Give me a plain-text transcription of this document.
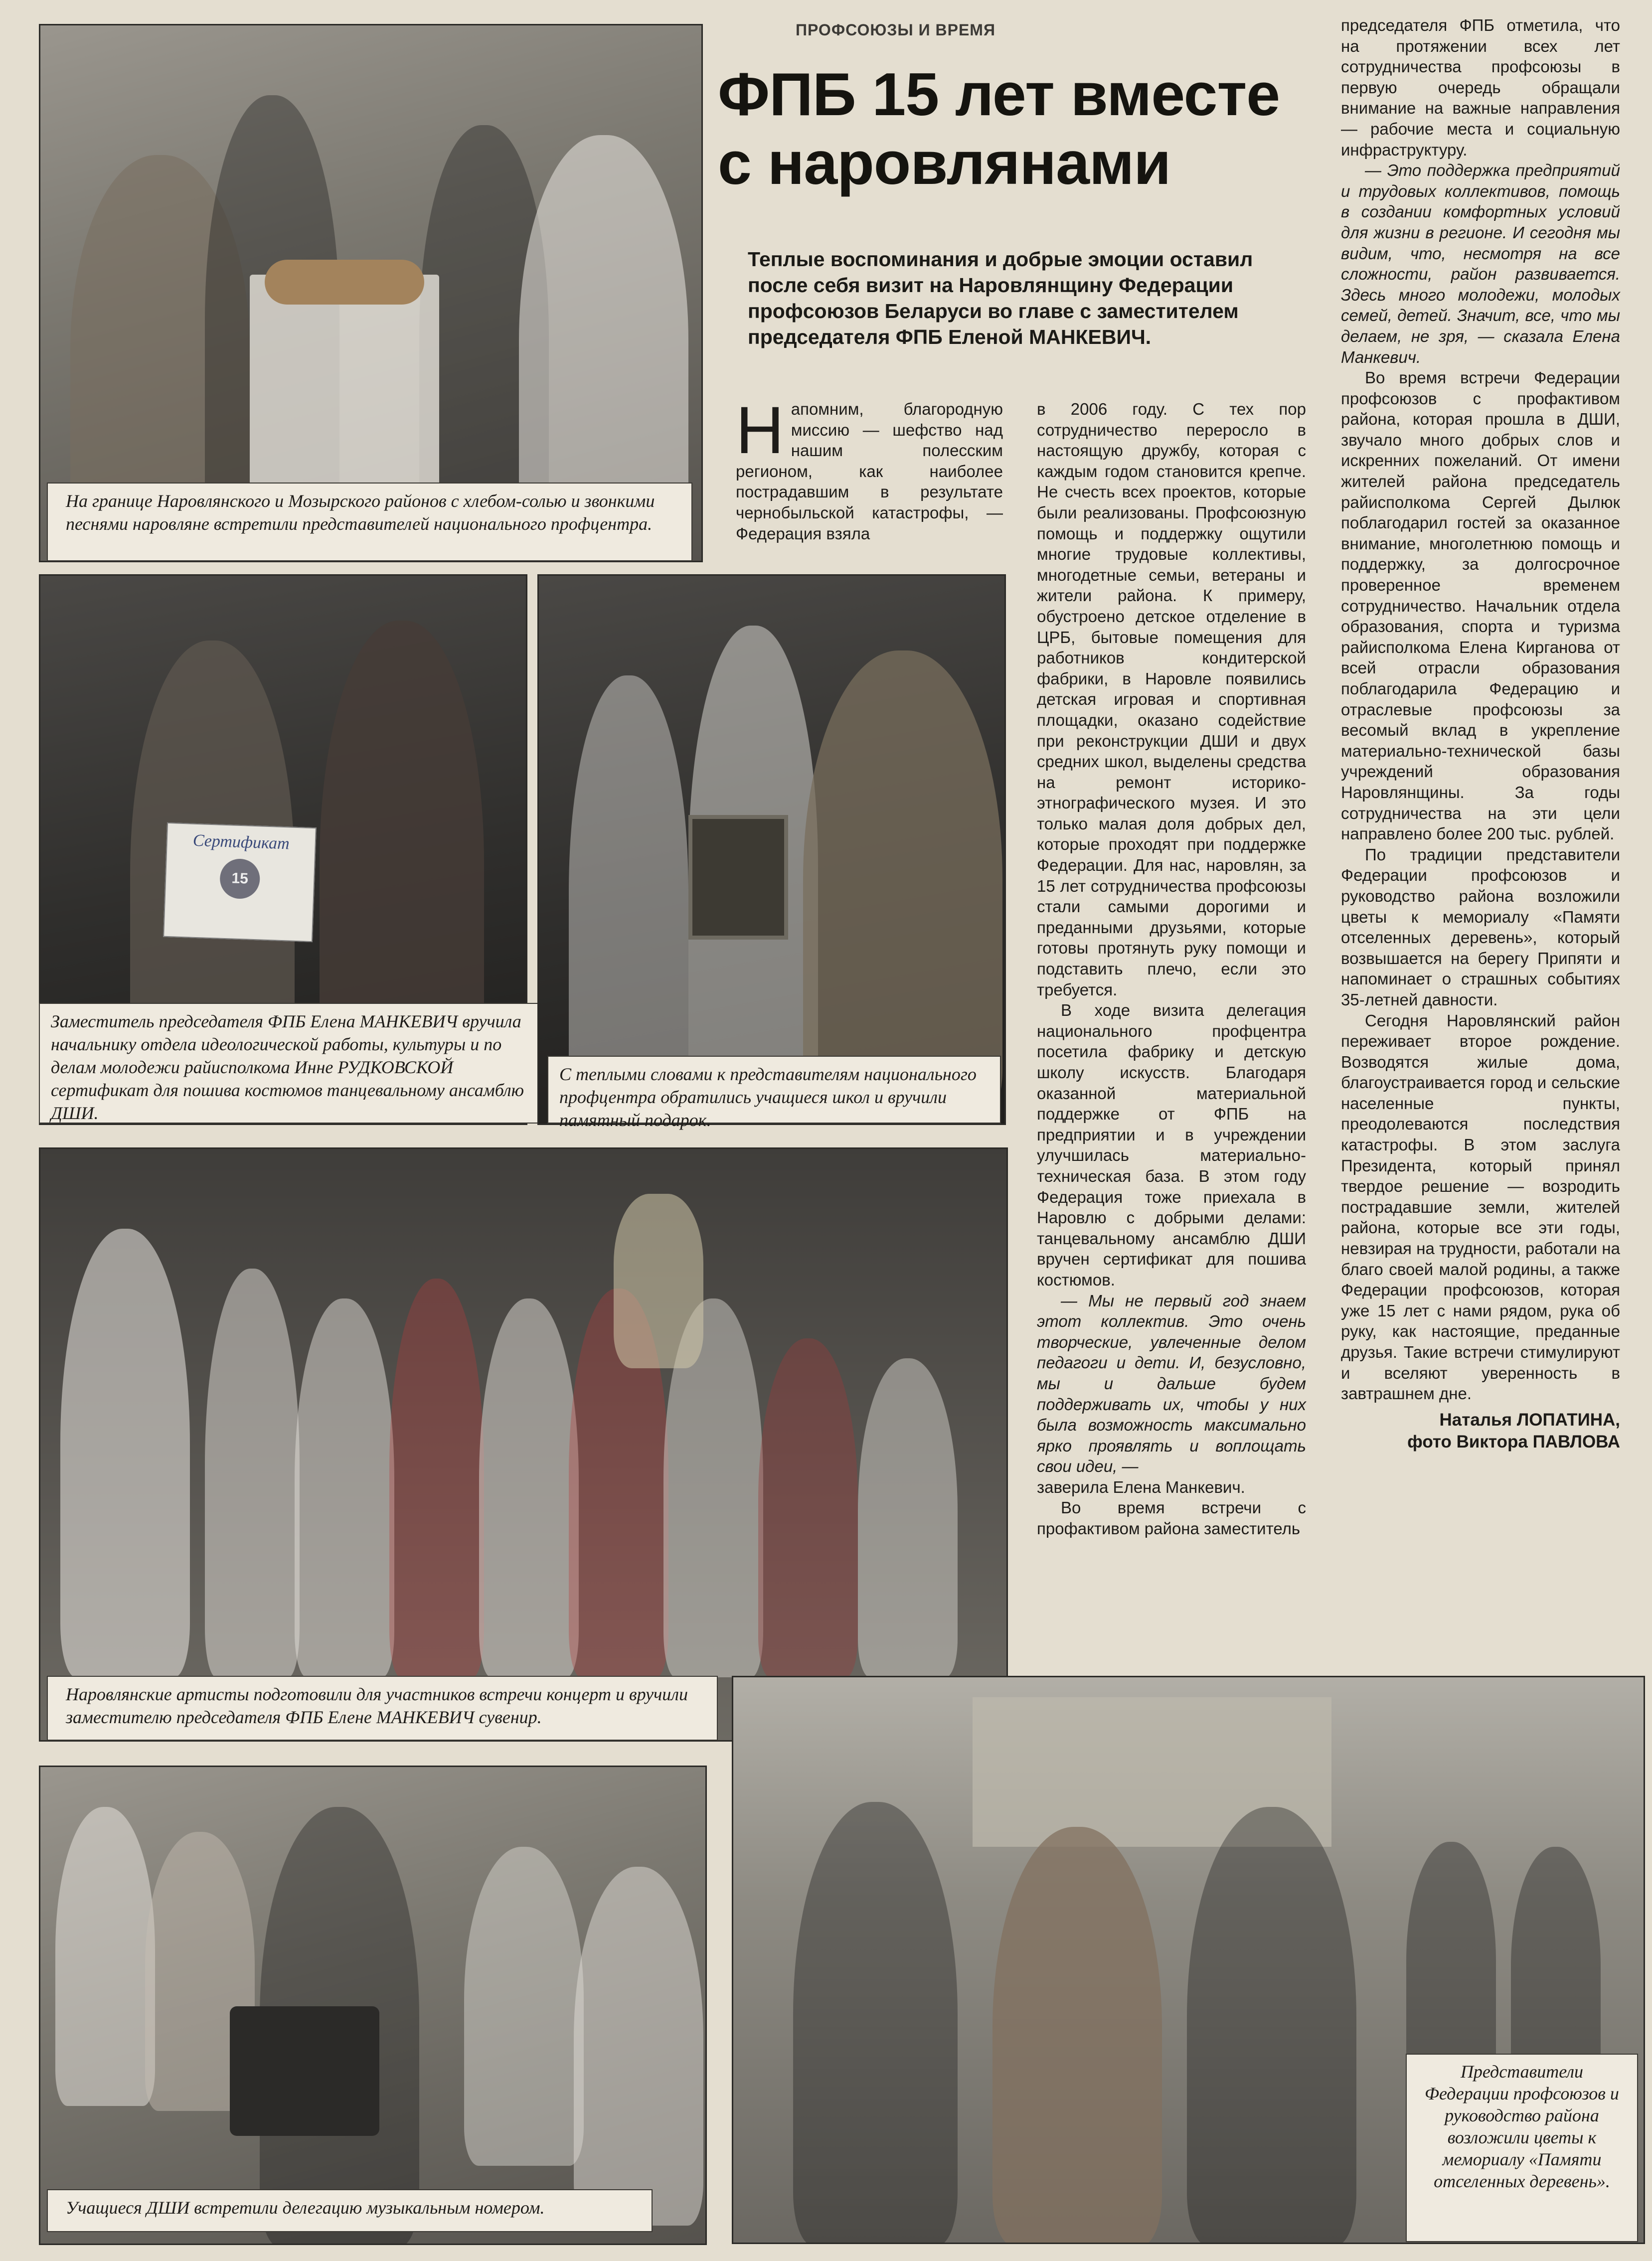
На границе Наровлянского и Мозырского районов с хлебом-солью и звонкими песнями наровляне встретили представителей национального профцентра.
Сертификат
15
Заместитель председателя ФПБ Елена МАНКЕВИЧ вручила начальнику отдела идеологической работы, культуры и по делам молодежи райисполкома Инне РУДКОВСКОЙ сертификат для пошива костюмов танцевальному ансамблю ДШИ.
С теплыми словами к представителям национального профцентра обратились учащиеся школ и вручили памятный подарок.
Наровлянские артисты подготовили для участников встречи концерт и вручили заместителю председателя ФПБ Елене МАНКЕВИЧ сувенир.
Учащиеся ДШИ встретили делегацию музыкальным номером.
Представители Федерации профсоюзов и руководство района возложили цветы к мемориалу «Памяти отселенных деревень».
ПРОФСОЮЗЫ И ВРЕМЯ
ФПБ 15 лет вместе
с наровлянами
Теплые воспоминания и добрые эмоции оставил после себя визит на Наровлянщину Федерации профсоюзов Беларуси во главе с заместителем председателя ФПБ Еленой МАНКЕВИЧ.

Напомним, благородную миссию — шефство над нашим полесским регионом, как наиболее пострадавшим в результате чернобыльской катастрофы, — Федерация взяла

в 2006 году. С тех пор сотрудничество переросло в настоящую дружбу, которая с каждым годом становится крепче. Не счесть всех проектов, которые были реализованы. Профсоюзную помощь и поддержку ощутили многие трудовые коллективы, многодетные семьи, ветераны и жители района. К примеру, обустроено детское отделение в ЦРБ, бытовые помещения для работников кондитерской фабрики, в Наровле появились детская игровая и спортивная площадки, оказано содействие при реконструкции ДШИ и двух средних школ, выделены средства на ремонт историко-этнографического музея. И это только малая доля добрых дел, которые проходят при поддержке Федерации. Для нас, наровлян, за 15 лет сотрудничества профсоюзы стали самыми дорогими и преданными друзьями, которые готовы протянуть руку помощи и подставить плечо, если это требуется.

В ходе визита делегация национального профцентра посетила фабрику и детскую школу искусств. Благодаря оказанной материальной поддержке от ФПБ на предприятии и в учреждении улучшилась материально-техническая база. В этом году Федерация тоже приехала в Наровлю с добрыми делами: танцевальному ансамблю ДШИ вручен сертификат для пошива костюмов.

— Мы не первый год знаем этот коллектив. Это очень творческие, увлеченные делом педагоги и дети. И, безусловно, мы и дальше будем поддерживать их, чтобы у них была возможность максимально ярко проявлять и воплощать свои идеи, —
заверила Елена Манкевич.

Во время встречи с профактивом района заместитель

председателя ФПБ отметила, что на протяжении всех лет сотрудничества профсоюзы в первую очередь обращали внимание на важные направления — рабочие места и социальную инфраструктуру.

— Это поддержка предприятий и трудовых коллективов, помощь в создании комфортных условий для жизни в регионе. И сегодня мы видим, что, несмотря на все сложности, район развивается. Здесь много молодежи, молодых семей, детей. Значит, все, что мы делаем, не зря, — сказала Елена Манкевич.

Во время встречи Федерации профсоюзов с профактивом района, которая прошла в ДШИ, звучало много добрых слов и искренних пожеланий. От имени жителей района председатель райисполкома Сергей Дылюк поблагодарил гостей за оказанное внимание, многолетнюю помощь и поддержку, за долгосрочное проверенное временем сотрудничество. Начальник отдела образования, спорта и туризма райисполкома Елена Кирганова от всей отрасли образования поблагодарила Федерацию и отраслевые профсоюзы за весомый вклад в укрепление материально-технической базы учреждений образования Наровлянщины. За годы сотрудничества на эти цели направлено более 200 тыс. рублей.

По традиции представители Федерации профсоюзов и руководство района возложили цветы к мемориалу «Памяти отселенных деревень», который возвышается на берегу Припяти и напоминает о страшных событиях 35-летней давности.

Сегодня Наровлянский район переживает второе рождение. Возводятся жилые дома, благоустраивается город и сельские населенные пункты, преодолеваются последствия катастрофы. В этом заслуга Президента, который принял твердое решение — возродить пострадавшие земли, жителей района, которые все эти годы, невзирая на трудности, работали на благо своей малой родины, а также Федерации профсоюзов, которая уже 15 лет с нами рядом, рука об руку, как настоящие, преданные друзья. Такие встречи стимулируют и вселяют уверенность в завтрашнем дне.

Наталья ЛОПАТИНА,
фото Виктора ПАВЛОВА
